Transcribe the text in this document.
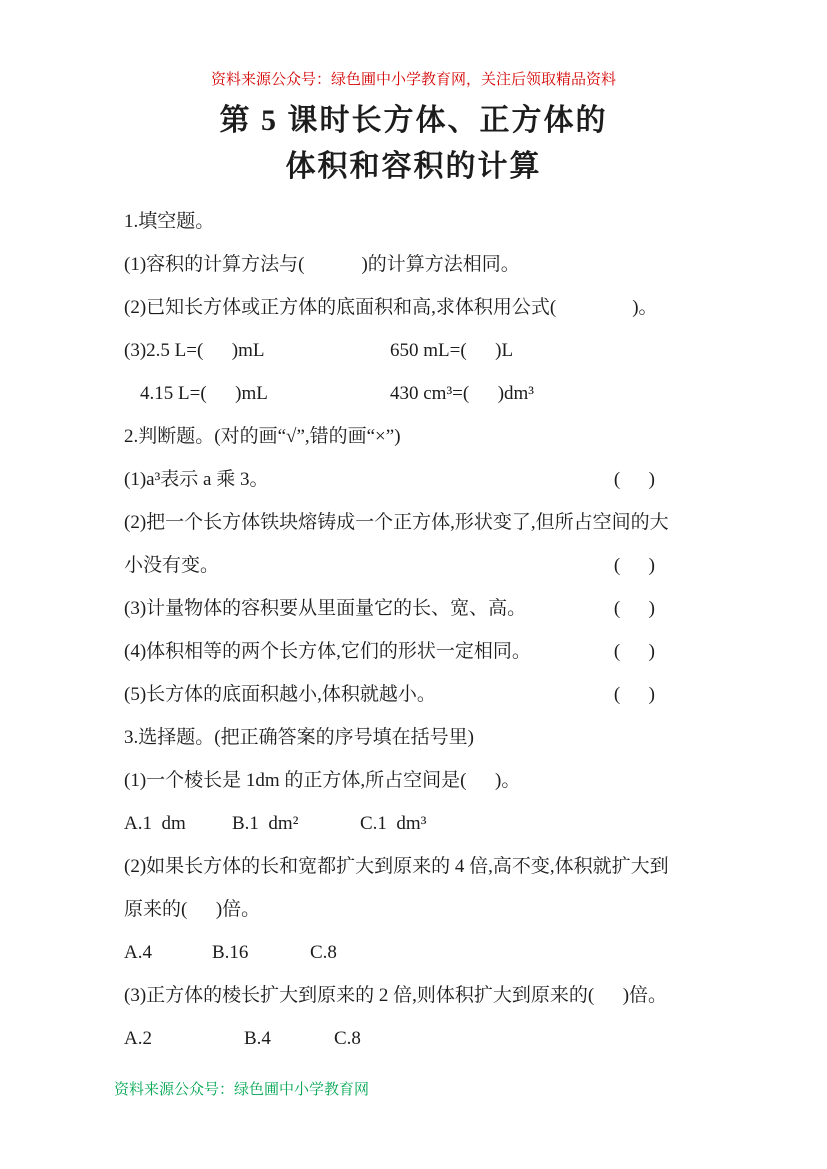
资料来源公众号：绿色圃中小学教育网，关注后领取精品资料
第 5 课时长方体、正方体的
体积和容积的计算
1.填空题。
(1)容积的计算方法与(            )的计算方法相同。
(2)已知长方体或正方体的底面积和高,求体积用公式(                )。
(3)2.5 L=(      )mL	650 mL=(      )L
4.15 L=(      )mL	430 cm³=(      )dm³
2.判断题。(对的画“√”,错的画“×”)
(1)a³表示 a 乘 3。	(      )
(2)把一个长方体铁块熔铸成一个正方体,形状变了,但所占空间的大
小没有变。	(      )
(3)计量物体的容积要从里面量它的长、宽、高。	(      )
(4)体积相等的两个长方体,它们的形状一定相同。	(      )
(5)长方体的底面积越小,体积就越小。	(      )
3.选择题。(把正确答案的序号填在括号里)
(1)一个棱长是 1dm 的正方体,所占空间是(      )。
A.1  dm	B.1  dm²	C.1  dm³
(2)如果长方体的长和宽都扩大到原来的 4 倍,高不变,体积就扩大到
原来的(      )倍。
A.4	B.16	C.8
(3)正方体的棱长扩大到原来的 2 倍,则体积扩大到原来的(      )倍。
A.2	B.4	C.8
资料来源公众号：绿色圃中小学教育网
